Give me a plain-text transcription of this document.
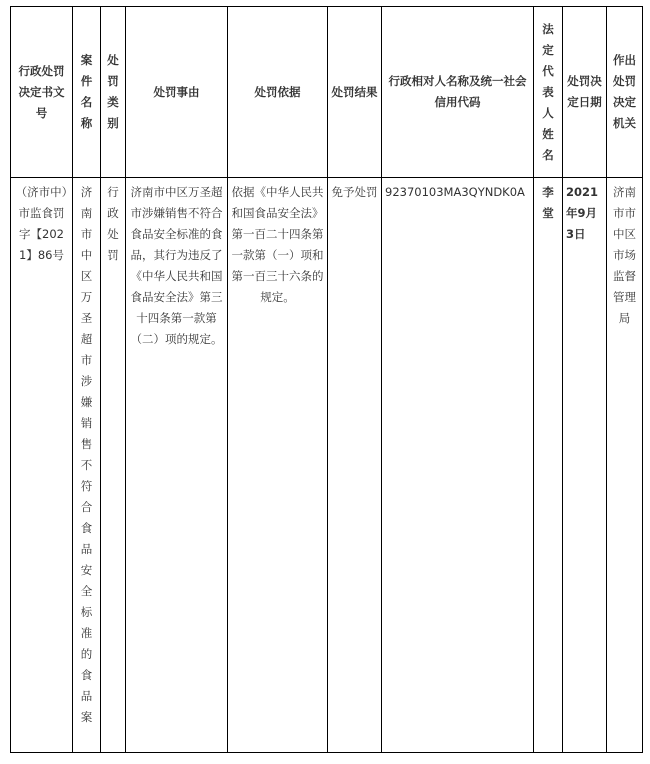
行政处罚决定书文号	案件名称	处罚类别	处罚事由	处罚依据	处罚结果	行政相对人名称及统一社会信用代码	法定代表人姓名	处罚决定日期	作出处罚决定机关
（济市中）市监食罚字【2021】86号	济南市中区万圣超市涉嫌销售不符合食品安全标准的食品案	行政处罚	济南市中区万圣超市涉嫌销售不符合食品安全标准的食品，其行为违反了《中华人民共和国食品安全法》第三十四条第一款第（二）项的规定。	依据《中华人民共和国食品安全法》第一百二十四条第一款第（一）项和第一百三十六条的规定。	免予处罚	92370103MA3QYNDK0A	李堂	2021年9月3日	济南市市中区市场监督管理局
